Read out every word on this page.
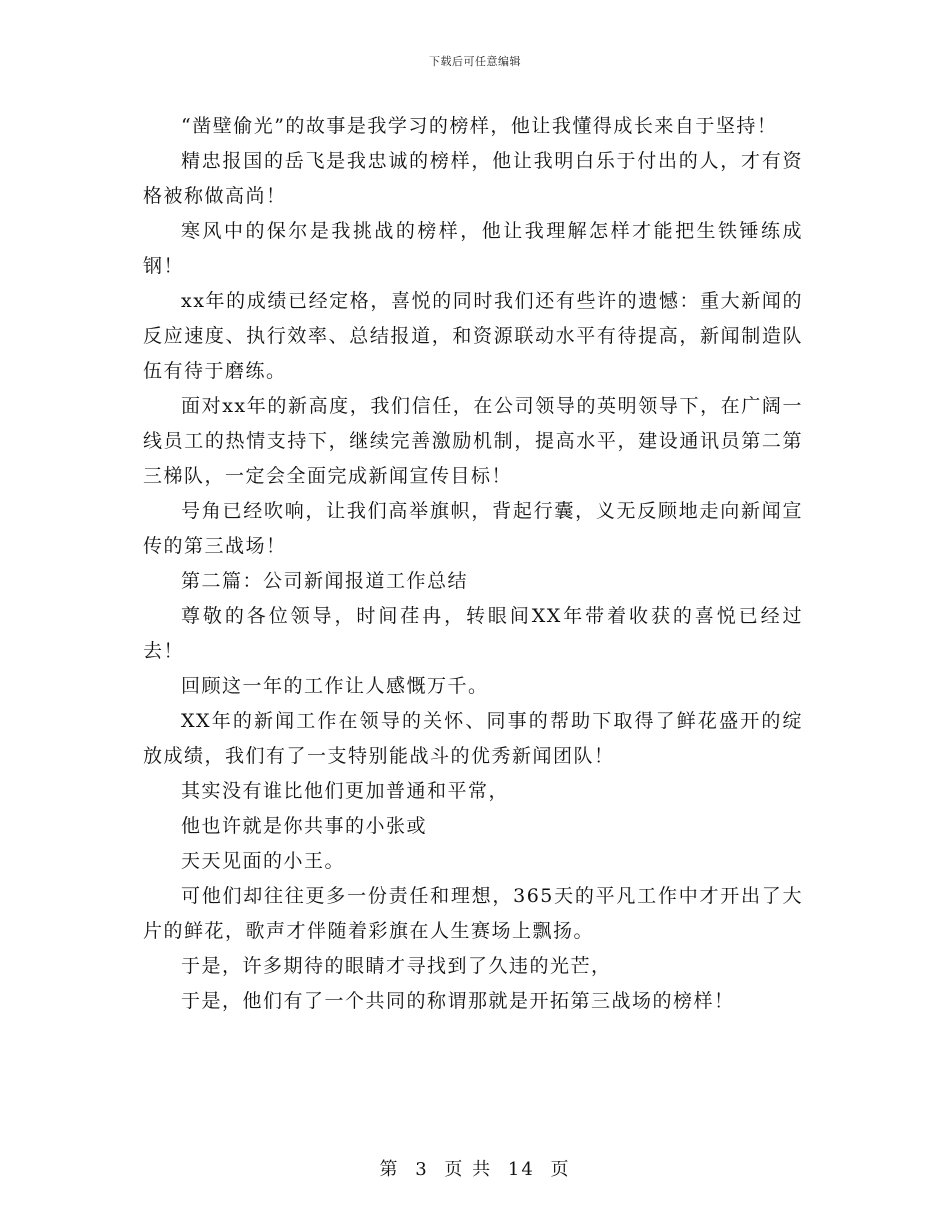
下载后可任意编辑

“凿壁偷光”的故事是我学习的榜样，他让我懂得成长来自于坚持！

精忠报国的岳飞是我忠诚的榜样，他让我明白乐于付出的人，才有资格被称做高尚！

寒风中的保尔是我挑战的榜样，他让我理解怎样才能把生铁锤练成钢！

xx年的成绩已经定格，喜悦的同时我们还有些许的遗憾：重大新闻的反应速度、执行效率、总结报道，和资源联动水平有待提高，新闻制造队伍有待于磨练。

面对xx年的新高度，我们信任，在公司领导的英明领导下，在广阔一线员工的热情支持下，继续完善激励机制，提高水平，建设通讯员第二第三梯队，一定会全面完成新闻宣传目标！

号角已经吹响，让我们高举旗帜，背起行囊，义无反顾地走向新闻宣传的第三战场！

第二篇：公司新闻报道工作总结

尊敬的各位领导，时间荏冉，转眼间XX年带着收获的喜悦已经过去！

回顾这一年的工作让人感慨万千。

XX年的新闻工作在领导的关怀、同事的帮助下取得了鲜花盛开的绽放成绩，我们有了一支特别能战斗的优秀新闻团队！

其实没有谁比他们更加普通和平常，

他也许就是你共事的小张或

天天见面的小王。

可他们却往往更多一份责任和理想，365天的平凡工作中才开出了大片的鲜花，歌声才伴随着彩旗在人生赛场上飘扬。

于是，许多期待的眼睛才寻找到了久违的光芒，

于是，他们有了一个共同的称谓那就是开拓第三战场的榜样！

第 3 页 共 14 页
